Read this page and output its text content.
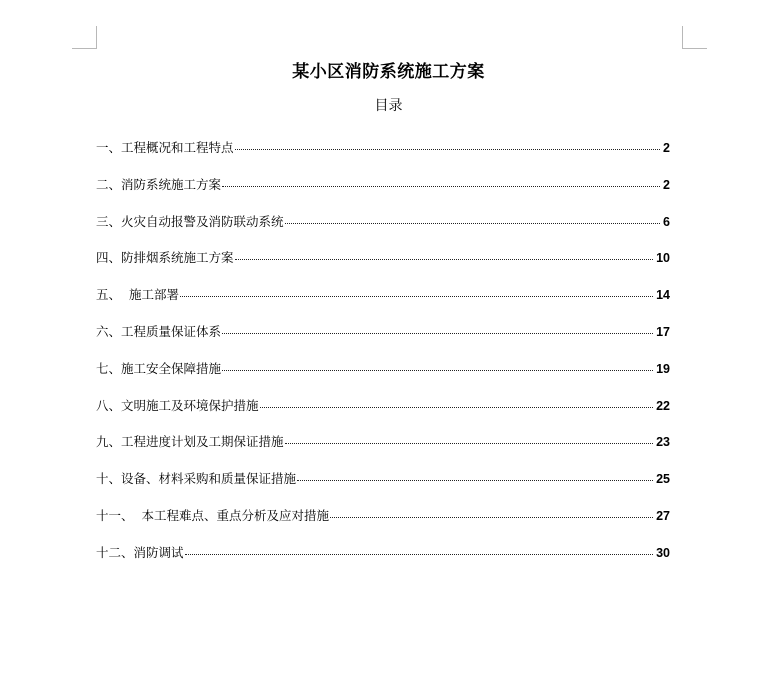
某小区消防系统施工方案
目录
一、工程概况和工程特点	2
二、消防系统施工方案	2
三、火灾自动报警及消防联动系统	6
四、防排烟系统施工方案	10
五、  施工部署	14
六、工程质量保证体系	17
七、施工安全保障措施	19
八、文明施工及环境保护措施	22
九、工程进度计划及工期保证措施	23
十、设备、材料采购和质量保证措施	25
十一、  本工程难点、重点分析及应对措施	27
十二、消防调试	30
